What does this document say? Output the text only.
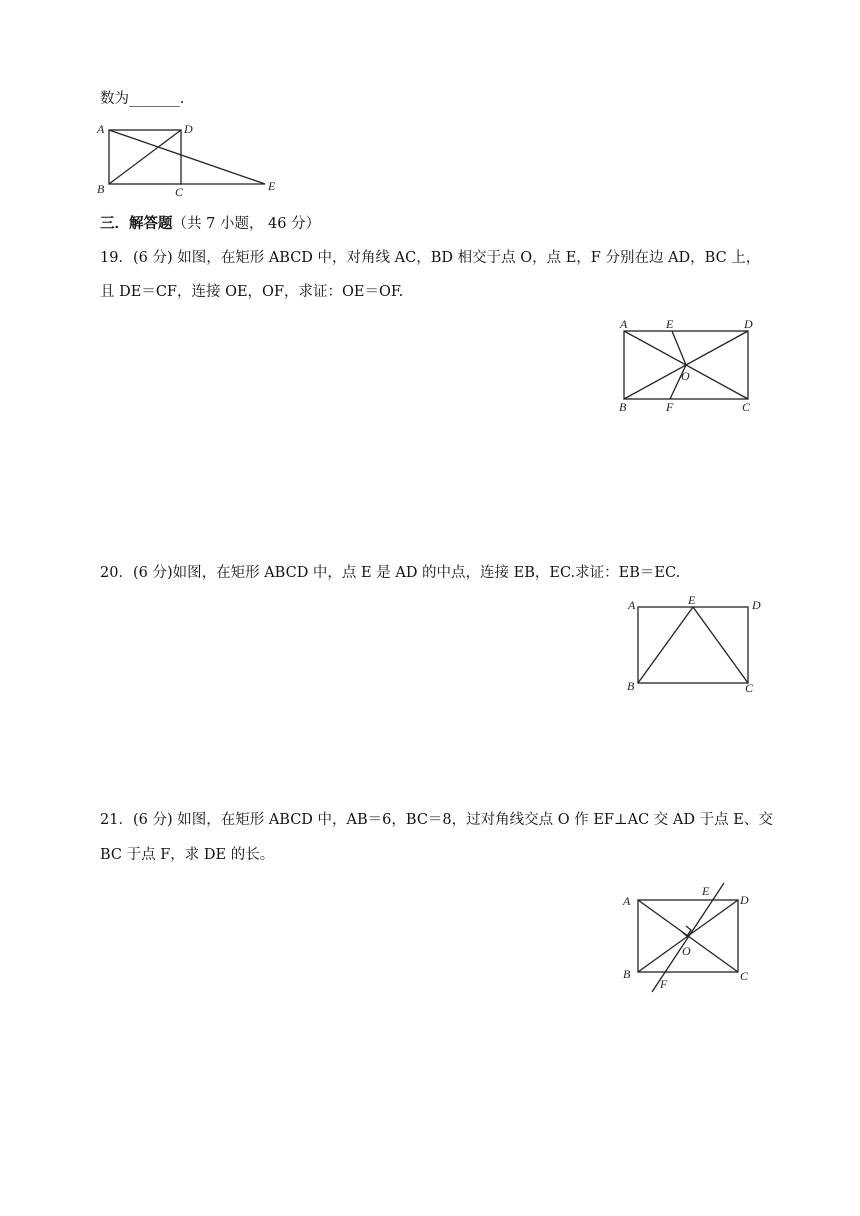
数为_______.
A	D
B	C	E
三．解答题（共 7 小题， 46 分）
19．(6 分) 如图，在矩形 ABCD 中，对角线 AC，BD 相交于点 O，点 E，F 分别在边 AD，BC 上，
且 DE＝CF，连接 OE，OF，求证：OE＝OF.
A	E	D
O
B	F	C
20．(6 分)如图，在矩形 ABCD 中，点 E 是 AD 的中点，连接 EB，EC.求证：EB＝EC.
A	E	D
B	C
21．(6 分) 如图，在矩形 ABCD 中，AB＝6，BC＝8，过对角线交点 O 作 EF⊥AC 交 AD 于点 E、交
BC 于点 F，求 DE 的长。
A
E
D
O
B
F
C
